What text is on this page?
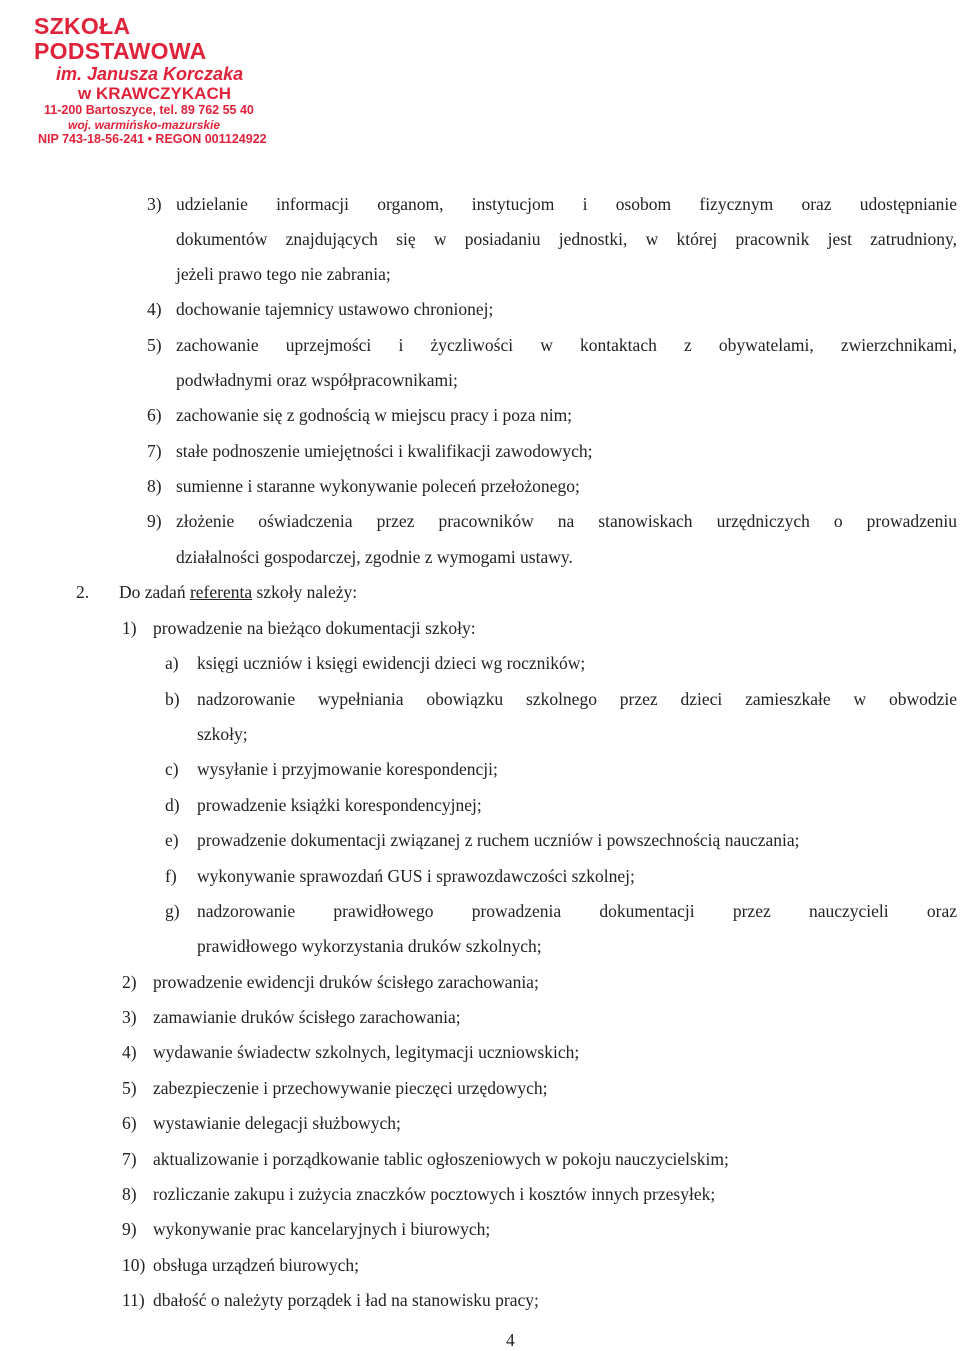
SZKOŁA PODSTAWOWA
im. Janusza Korczaka
w KRAWCZYKACH
11-200 Bartoszyce, tel. 89 762 55 40
woj. warmińsko-mazurskie
NIP 743-18-56-241 • REGON 001124922
3) udzielanie informacji organom, instytucjom i osobom fizycznym oraz udostępnianie
dokumentów znajdujących się w posiadaniu jednostki, w której pracownik jest zatrudniony,
jeżeli prawo tego nie zabrania;
4) dochowanie tajemnicy ustawowo chronionej;
5) zachowanie uprzejmości i życzliwości w kontaktach z obywatelami, zwierzchnikami,
podwładnymi oraz współpracownikami;
6) zachowanie się z godnością w miejscu pracy i poza nim;
7) stałe podnoszenie umiejętności i kwalifikacji zawodowych;
8) sumienne i staranne wykonywanie poleceń przełożonego;
9) złożenie oświadczenia przez pracowników na stanowiskach urzędniczych o prowadzeniu
działalności gospodarczej, zgodnie z wymogami ustawy.
2. Do zadań referenta szkoły należy:
1) prowadzenie na bieżąco dokumentacji szkoły:
a) księgi uczniów i księgi ewidencji dzieci wg roczników;
b) nadzorowanie wypełniania obowiązku szkolnego przez dzieci zamieszkałe w obwodzie
szkoły;
c) wysyłanie i przyjmowanie korespondencji;
d) prowadzenie książki korespondencyjnej;
e) prowadzenie dokumentacji związanej z ruchem uczniów i powszechnością nauczania;
f) wykonywanie sprawozdań GUS i sprawozdawczości szkolnej;
g) nadzorowanie prawidłowego prowadzenia dokumentacji przez nauczycieli oraz
prawidłowego wykorzystania druków szkolnych;
2) prowadzenie ewidencji druków ścisłego zarachowania;
3) zamawianie druków ścisłego zarachowania;
4) wydawanie świadectw szkolnych, legitymacji uczniowskich;
5) zabezpieczenie i przechowywanie pieczęci urzędowych;
6) wystawianie delegacji służbowych;
7) aktualizowanie i porządkowanie tablic ogłoszeniowych w pokoju nauczycielskim;
8) rozliczanie zakupu i zużycia znaczków pocztowych i kosztów innych przesyłek;
9) wykonywanie prac kancelaryjnych i biurowych;
10) obsługa urządzeń biurowych;
11) dbałość o należyty porządek i ład na stanowisku pracy;
4
